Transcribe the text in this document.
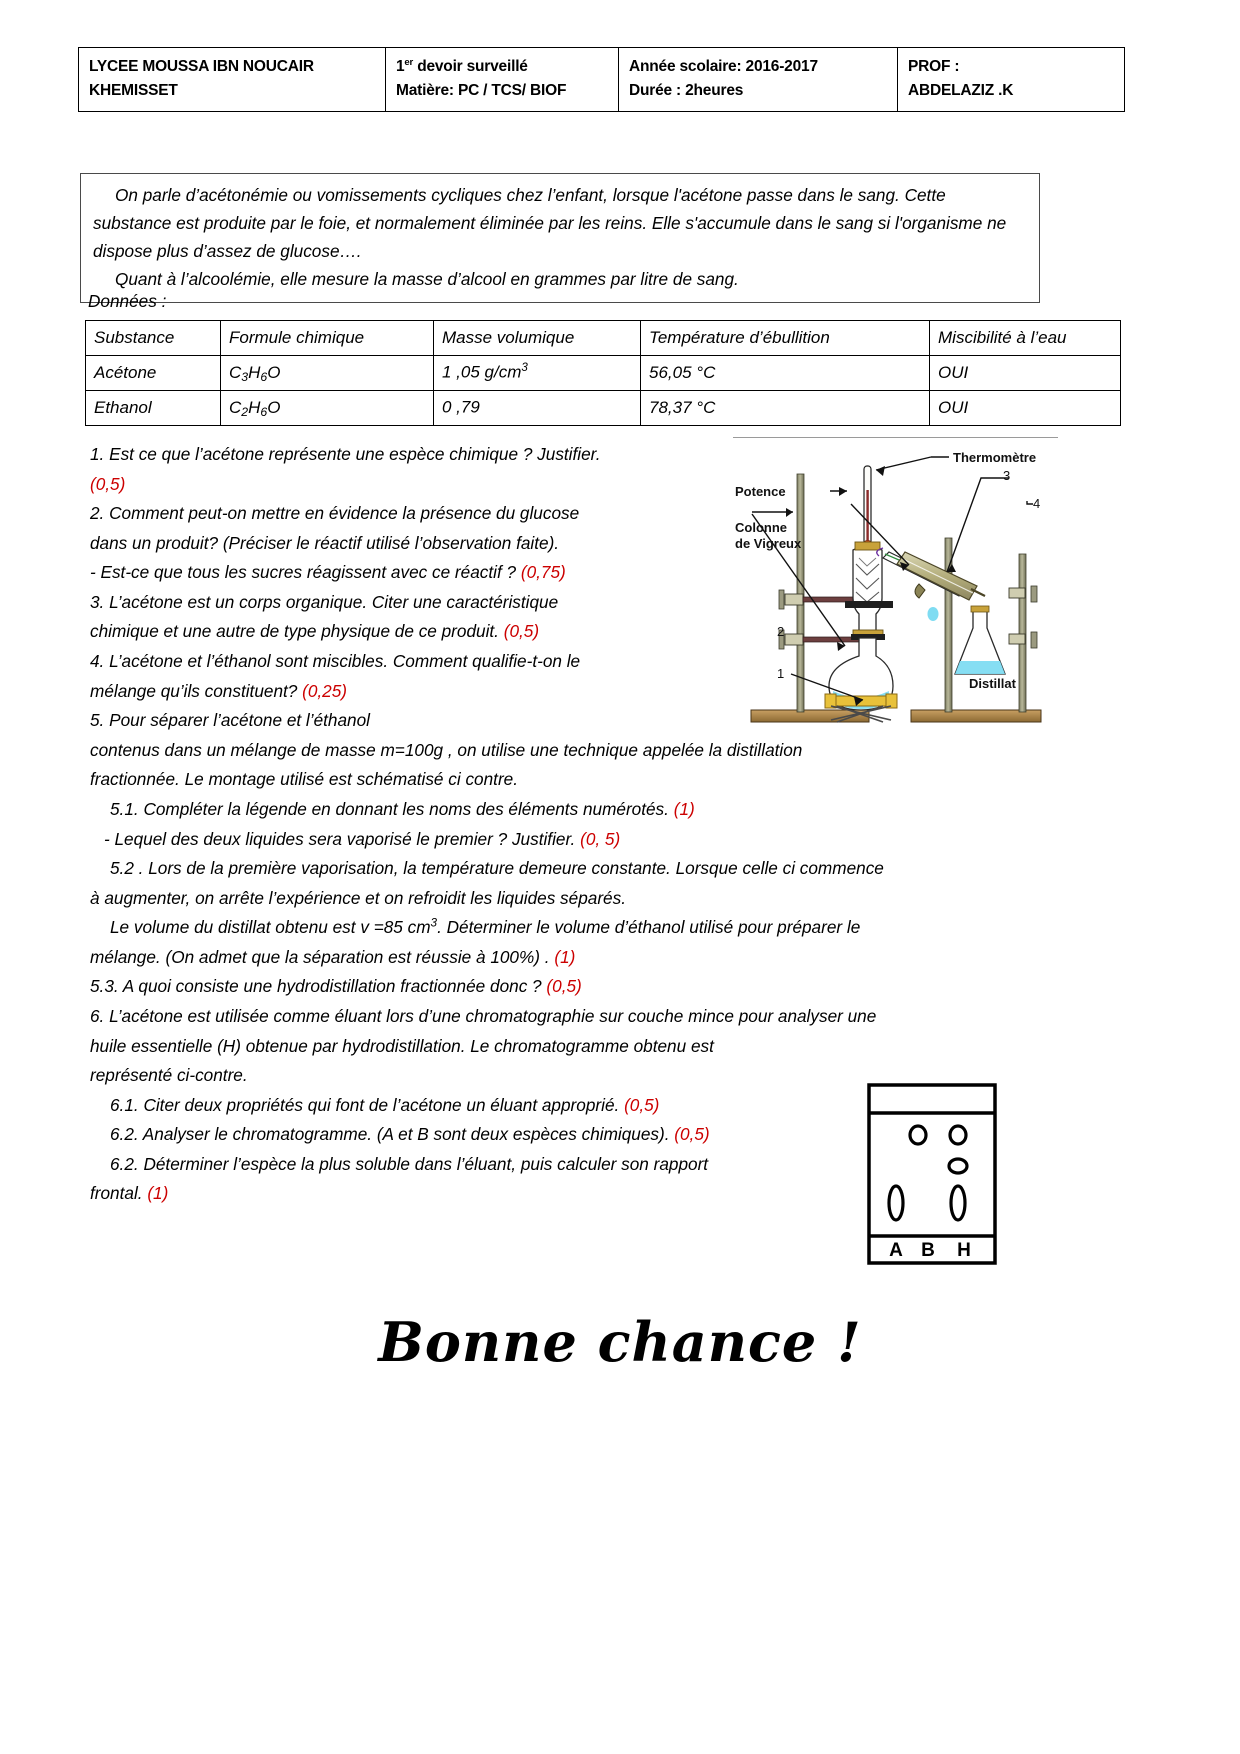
LYCEE MOUSSA IBN NOUCAIR
KHEMISSET

1er devoir surveillé
Matière: PC / TCS/ BIOF

Année scolaire: 2016-2017
Durée : 2heures

PROF :
ABDELAZIZ .K

On parle d’acétonémie ou vomissements cycliques chez l’enfant, lorsque l'acétone passe dans le sang. Cette substance est produite par le foie, et normalement éliminée par les reins. Elle s'accumule dans le sang si l'organisme ne dispose plus d’assez de glucose….

Quant à l’alcoolémie, elle mesure la masse d’alcool en grammes par litre de sang.

Données :
Substance	Formule chimique	Masse volumique	Température d’ébullition	Miscibilité à l’eau
Acétone	$C_3H_6O$	1 ,05 $g/cm^3$	56,05 °C	OUI
Ethanol	$C_2H_6O$	0 ,79	78,37 °C	OUI

1. Est ce que l’acétone représente une espèce chimique ? Justifier.

(0,5)

2. Comment peut-on mettre en évidence la présence du glucose

dans un produit? (Préciser le réactif utilisé l’observation faite).

- Est-ce que tous les sucres réagissent avec ce réactif ? (0,75)

3. L’acétone est un corps organique. Citer une caractéristique

chimique et une autre de type physique de ce produit. (0,5)

4. L’acétone et l’éthanol sont miscibles. Comment qualifie-t-on le

mélange qu’ils constituent? (0,25)

5. Pour séparer l’acétone et l’éthanol

contenus dans un mélange de masse m=100g , on utilise une technique appelée la distillation

fractionnée. Le montage utilisé est schématisé ci contre.

5.1. Compléter la légende en donnant les noms des éléments numérotés. (1)

- Lequel des deux liquides sera vaporisé le premier ? Justifier. (0, 5)

5.2 . Lors de la première vaporisation, la température demeure constante. Lorsque celle ci commence

à augmenter, on arrête l’expérience et on refroidit les liquides séparés.

Le volume du distillat obtenu est v =85 $cm^3$. Déterminer le volume d’éthanol utilisé pour préparer le

mélange. (On admet que la séparation est réussie à 100%) . (1)

5.3. A quoi consiste une hydrodistillation fractionnée donc ? (0,5)

6. L’acétone est utilisée comme éluant lors d’une chromatographie sur couche mince pour analyser une

huile essentielle (H) obtenue par hydrodistillation. Le chromatogramme obtenu est

représenté ci-contre.

6.1. Citer deux propriétés qui font de l’acétone un éluant approprié. (0,5)

6.2. Analyser le chromatogramme. (A et B sont deux espèces chimiques). (0,5)

6.2. Déterminer l’espèce la plus soluble dans l’éluant, puis calculer son rapport

frontal. (1)

Thermomètre
Potence
Colonne
de Vigreux
Distillat
3
4
2
1
A B H
Bonne chance !
